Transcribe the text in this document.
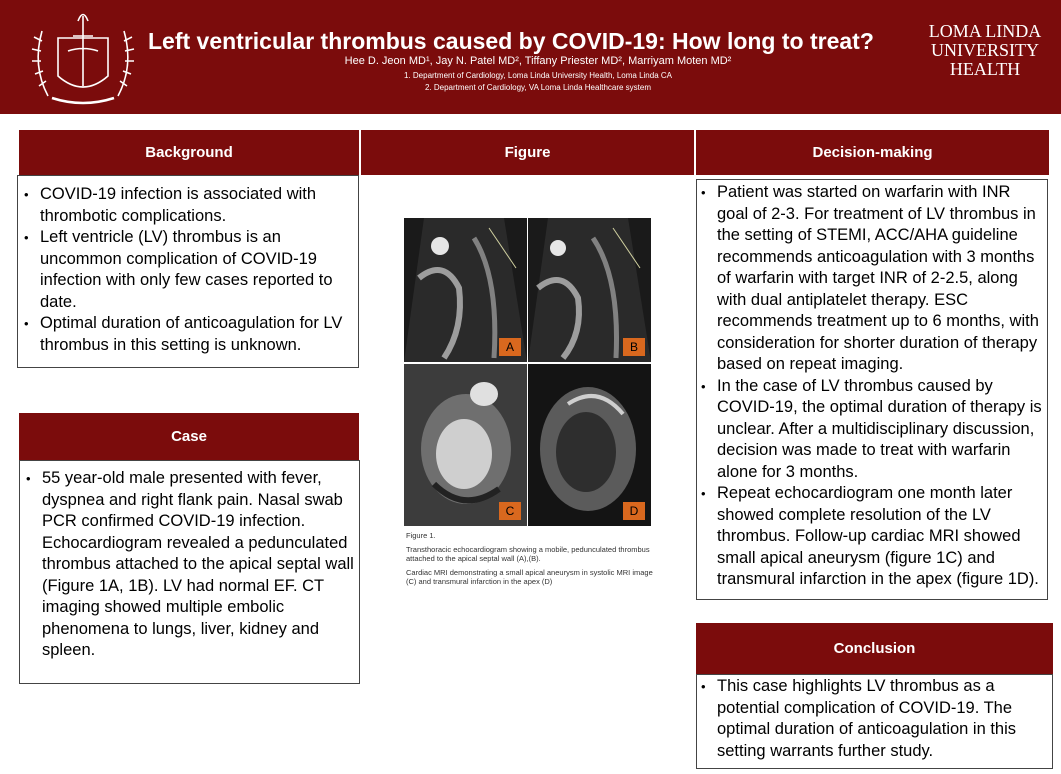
Left ventricular thrombus caused by COVID-19: How long to treat?
Hee D. Jeon MD¹, Jay N. Patel MD², Tiffany Priester MD², Marriyam Moten MD²
1. Department of Cardiology, Loma Linda University Health, Loma Linda CA
2. Department of Cardiology, VA Loma Linda Healthcare system
LOMA LINDA
UNIVERSITY
HEALTH
Background	Figure	Decision-making
• COVID-19 infection is associated with thrombotic complications.
• Left ventricle (LV) thrombus is an uncommon complication of COVID-19 infection with only few cases reported to date.
• Optimal duration of anticoagulation for LV thrombus in this setting is unknown.
Case
• 55 year-old male presented with fever, dyspnea and right flank pain. Nasal swab PCR confirmed COVID-19 infection. Echocardiogram revealed a pedunculated thrombus attached to the apical septal wall (Figure 1A, 1B). LV had normal EF. CT imaging showed multiple embolic phenomena to lungs, liver, kidney and spleen.
A	B
C	D
Figure 1.
Transthoracic echocardiogram showing a mobile, pedunculated thrombus attached to the apical septal wall (A),(B).
Cardiac MRI demonstrating a small apical aneurysm in systolic MRI image (C) and transmural infarction in the apex (D)
• Patient was started on warfarin with INR goal of 2-3. For treatment of LV thrombus in the setting of STEMI, ACC/AHA guideline recommends anticoagulation with 3 months of warfarin with target INR of 2-2.5, along with dual antiplatelet therapy. ESC recommends treatment up to 6 months, with consideration for shorter duration of therapy based on repeat imaging.
• In the case of LV thrombus caused by COVID-19, the optimal duration of therapy is unclear. After a multidisciplinary discussion, decision was made to treat with warfarin alone for 3 months.
• Repeat echocardiogram one month later showed complete resolution of the LV thrombus. Follow-up cardiac MRI showed small apical aneurysm (figure 1C) and transmural infarction in the apex (figure 1D).
Conclusion
• This case highlights LV thrombus as a potential complication of COVID-19. The optimal duration of anticoagulation in this setting warrants further study.
